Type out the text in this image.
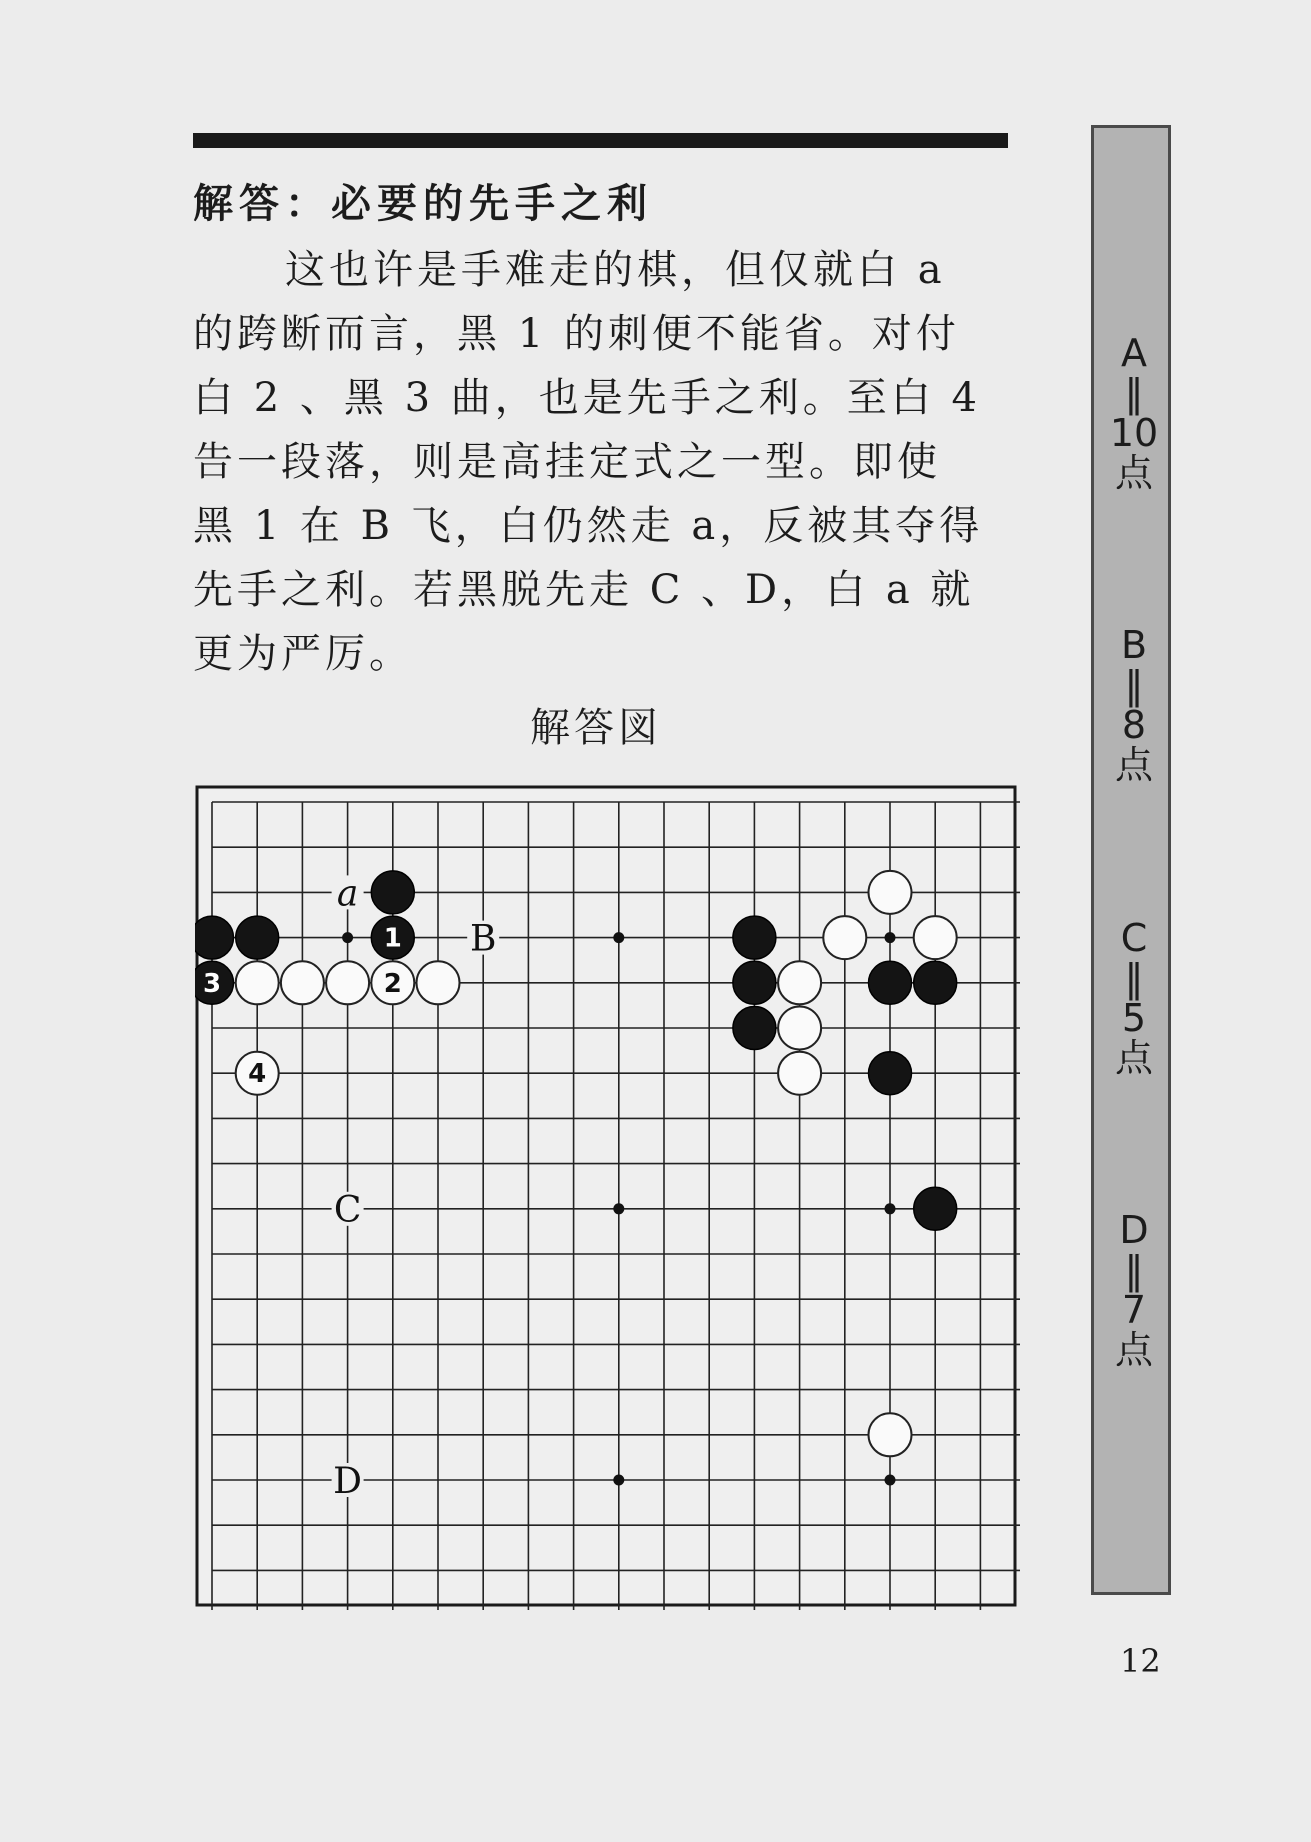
解答：必要的先手之利

这也许是手难走的棋，但仅就白 a

的跨断而言，黑 1 的刺便不能省。对付

白 2 、黑 3 曲，也是先手之利。至白 4

告一段落，则是高挂定式之一型。即使

黑 1 在 B 飞，白仍然走 a，反被其夺得

先手之利。若黑脱先走 C 、D，白 a 就

更为严厉。

解答図
a
B
C
D
1
3	2
4
A
‖
10
点
B
‖
8
点
C
‖
5
点
D
‖
7
点
12
